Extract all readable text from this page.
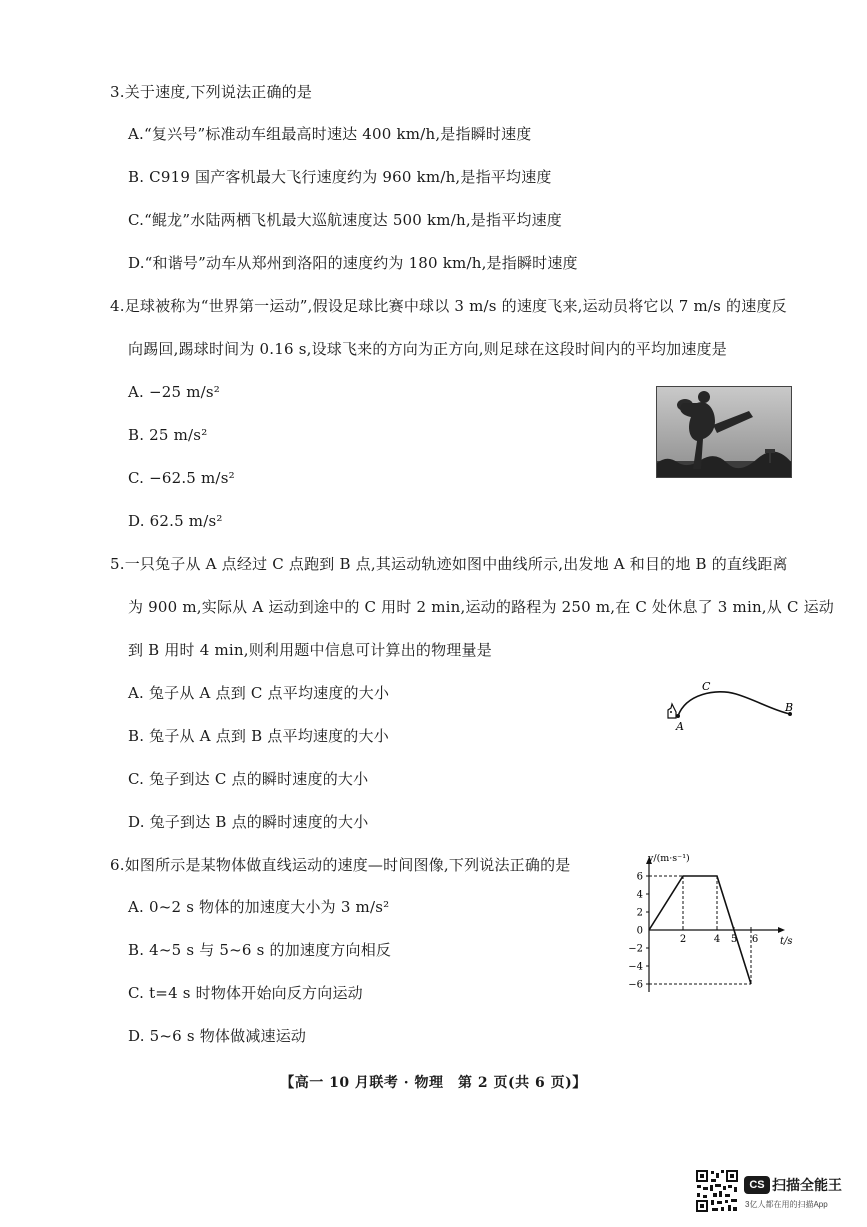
3.关于速度,下列说法正确的是
A.“复兴号”标准动车组最高时速达 400 km/h,是指瞬时速度
B. C919 国产客机最大飞行速度约为 960 km/h,是指平均速度
C.“鲲龙”水陆两栖飞机最大巡航速度达 500 km/h,是指平均速度
D.“和谐号”动车从郑州到洛阳的速度约为 180 km/h,是指瞬时速度
4.足球被称为“世界第一运动”,假设足球比赛中球以 3 m/s 的速度飞来,运动员将它以 7 m/s 的速度反
向踢回,踢球时间为 0.16 s,设球飞来的方向为正方向,则足球在这段时间内的平均加速度是
A. −25 m/s²
B. 25 m/s²
C. −62.5 m/s²
D. 62.5 m/s²
5.一只兔子从 A 点经过 C 点跑到 B 点,其运动轨迹如图中曲线所示,出发地 A 和目的地 B 的直线距离
为 900 m,实际从 A 运动到途中的 C 用时 2 min,运动的路程为 250 m,在 C 处休息了 3 min,从 C 运动
到 B 用时 4 min,则利用题中信息可计算出的物理量是
A. 兔子从 A 点到 C 点平均速度的大小
B. 兔子从 A 点到 B 点平均速度的大小
C. 兔子到达 C 点的瞬时速度的大小
D. 兔子到达 B 点的瞬时速度的大小
A
B
C
6.如图所示是某物体做直线运动的速度—时间图像,下列说法正确的是
A. 0~2 s 物体的加速度大小为 3 m/s²
B. 4~5 s 与 5~6 s 的加速度方向相反
C. t=4 s 时物体开始向反方向运动
D. 5~6 s 物体做减速运动
6
4
2
0
−2
−4
−6
2	4 5 6
v/(m·s⁻¹)
t/s
【高一 10 月联考 · 物理　第 2 页(共 6 页)】
CS 扫描全能王
3亿人都在用的扫描App
